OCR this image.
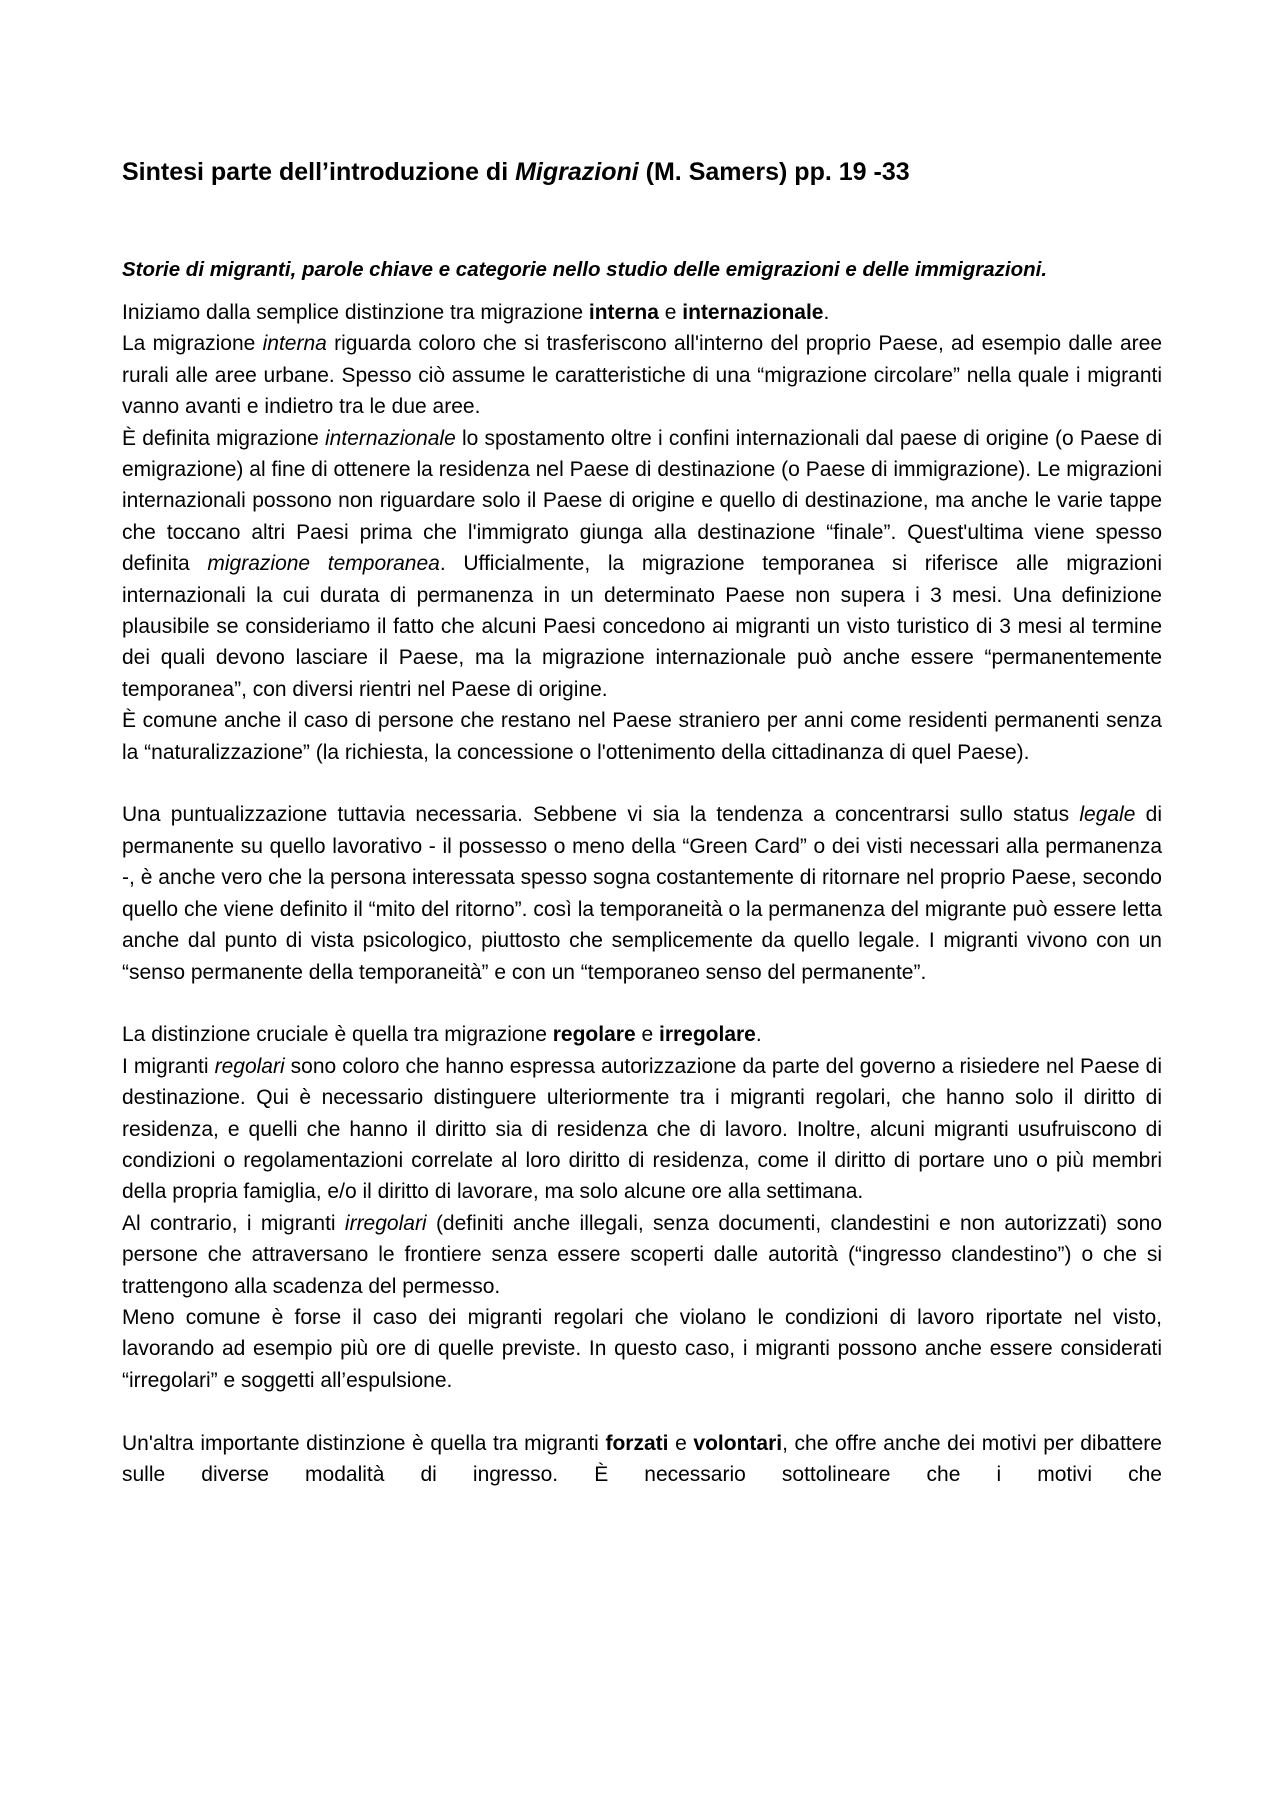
Sintesi parte dell’introduzione di Migrazioni (M. Samers) pp. 19 -33
Storie di migranti, parole chiave e categorie nello studio delle emigrazioni e delle immigrazioni.

Iniziamo dalla semplice distinzione tra migrazione interna e internazionale.

La migrazione interna riguarda coloro che si trasferiscono all'interno del proprio Paese, ad esempio dalle aree rurali alle aree urbane. Spesso ciò assume le caratteristiche di una “migrazione circolare” nella quale i migranti vanno avanti e indietro tra le due aree.

È definita migrazione internazionale lo spostamento oltre i confini internazionali dal paese di origine (o Paese di emigrazione) al fine di ottenere la residenza nel Paese di destinazione (o Paese di immigrazione). Le migrazioni internazionali possono non riguardare solo il Paese di origine e quello di destinazione, ma anche le varie tappe che toccano altri Paesi prima che l'immigrato giunga alla destinazione “finale”. Quest'ultima viene spesso definita migrazione temporanea. Ufficialmente, la migrazione temporanea si riferisce alle migrazioni internazionali la cui durata di permanenza in un determinato Paese non supera i 3 mesi. Una definizione plausibile se consideriamo il fatto che alcuni Paesi concedono ai migranti un visto turistico di 3 mesi al termine dei quali devono lasciare il Paese, ma la migrazione internazionale può anche essere “permanentemente temporanea”, con diversi rientri nel Paese di origine.

È comune anche il caso di persone che restano nel Paese straniero per anni come residenti permanenti senza la “naturalizzazione” (la richiesta, la concessione o l'ottenimento della cittadinanza di quel Paese).

Una puntualizzazione tuttavia necessaria. Sebbene vi sia la tendenza a concentrarsi sullo status legale di permanente su quello lavorativo - il possesso o meno della “Green Card” o dei visti necessari alla permanenza -, è anche vero che la persona interessata spesso sogna costantemente di ritornare nel proprio Paese, secondo quello che viene definito il “mito del ritorno”. così la temporaneità o la permanenza del migrante può essere letta anche dal punto di vista psicologico, piuttosto che semplicemente da quello legale. I migranti vivono con un “senso permanente della temporaneità” e con un “temporaneo senso del permanente”.

La distinzione cruciale è quella tra migrazione regolare e irregolare.

I migranti regolari sono coloro che hanno espressa autorizzazione da parte del governo a risiedere nel Paese di destinazione. Qui è necessario distinguere ulteriormente tra i migranti regolari, che hanno solo il diritto di residenza, e quelli che hanno il diritto sia di residenza che di lavoro. Inoltre, alcuni migranti usufruiscono di condizioni o regolamentazioni correlate al loro diritto di residenza, come il diritto di portare uno o più membri della propria famiglia, e/o il diritto di lavorare, ma solo alcune ore alla settimana.

Al contrario, i migranti irregolari (definiti anche illegali, senza documenti, clandestini e non autorizzati) sono persone che attraversano le frontiere senza essere scoperti dalle autorità (“ingresso clandestino”) o che si trattengono alla scadenza del permesso.

Meno comune è forse il caso dei migranti regolari che violano le condizioni di lavoro riportate nel visto, lavorando ad esempio più ore di quelle previste. In questo caso, i migranti possono anche essere considerati “irregolari” e soggetti all’espulsione.

Un'altra importante distinzione è quella tra migranti forzati e volontari, che offre anche dei motivi per dibattere sulle diverse modalità di ingresso. È necessario sottolineare che i motivi che
